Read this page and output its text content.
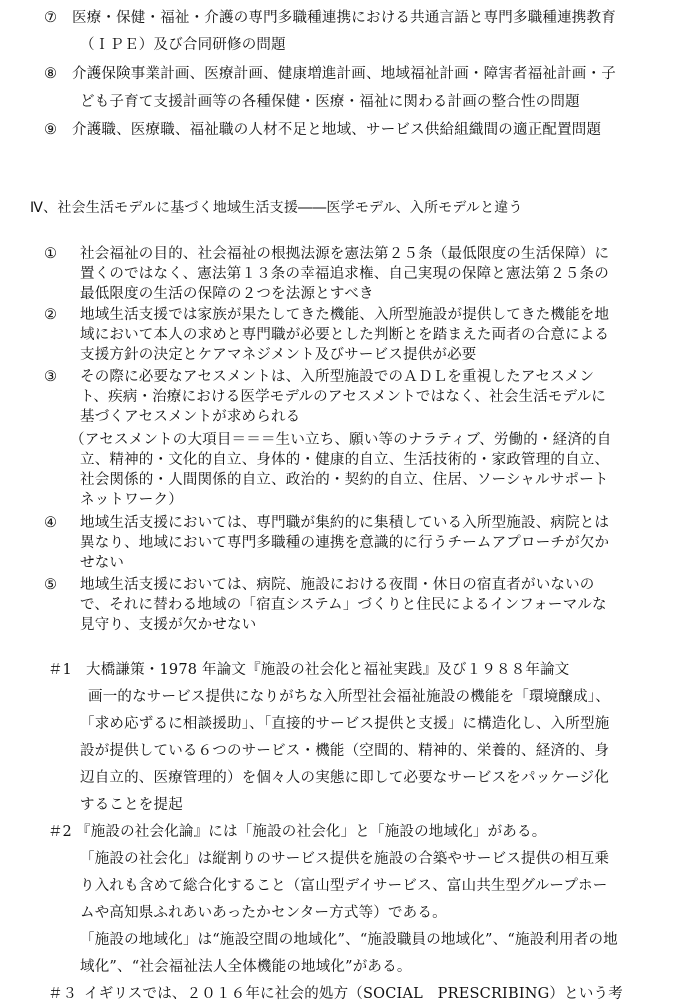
⑦ 医療・保健・福祉・介護の専門多職種連携における共通言語と専門多職種連携教育
（ＩＰＥ）及び合同研修の問題
⑧ 介護保険事業計画、医療計画、健康増進計画、地域福祉計画・障害者福祉計画・子
ども子育て支援計画等の各種保健・医療・福祉に関わる計画の整合性の問題
⑨ 介護職、医療職、福祉職の人材不足と地域、サービス供給組織間の適正配置問題
Ⅳ、社会生活モデルに基づく地域生活支援――医学モデル、入所モデルと違う
① 社会福祉の目的、社会福祉の根拠法源を憲法第２５条（最低限度の生活保障）に
置くのではなく、憲法第１３条の幸福追求権、自己実現の保障と憲法第２５条の
最低限度の生活の保障の２つを法源とすべき
② 地域生活支援では家族が果たしてきた機能、入所型施設が提供してきた機能を地
域において本人の求めと専門職が必要とした判断とを踏まえた両者の合意による
支援方針の決定とケアマネジメント及びサービス提供が必要
③ その際に必要なアセスメントは、入所型施設でのＡＤＬを重視したアセスメン
ト、疾病・治療における医学モデルのアセスメントではなく、社会生活モデルに
基づくアセスメントが求められる
（アセスメントの大項目＝＝＝生い立ち、願い等のナラティブ、労働的・経済的自
立、精神的・文化的自立、身体的・健康的自立、生活技術的・家政管理的自立、
社会関係的・人間関係的自立、政治的・契約的自立、住居、ソーシャルサポート
ネットワーク）
④ 地域生活支援においては、専門職が集約的に集積している入所型施設、病院とは
異なり、地域において専門多職種の連携を意識的に行うチームアプローチが欠か
せない
⑤ 地域生活支援においては、病院、施設における夜間・休日の宿直者がいないの
で、それに替わる地域の「宿直システム」づくりと住民によるインフォーマルな
見守り、支援が欠かせない
＃1 大橋謙策・1978 年論文『施設の社会化と福祉実践』及び１９８８年論文
画一的なサービス提供になりがちな入所型社会福祉施設の機能を「環境醸成」、
「求め応ずるに相談援助」、「直接的サービス提供と支援」に構造化し、入所型施
設が提供している６つのサービス・機能（空間的、精神的、栄養的、経済的、身
辺自立的、医療管理的）を個々人の実態に即して必要なサービスをパッケージ化
することを提起
＃2 『施設の社会化論』には「施設の社会化」と「施設の地域化」がある。
「施設の社会化」は縦割りのサービス提供を施設の合築やサービス提供の相互乗
り入れも含めて総合化すること（富山型デイサービス、富山共生型グループホー
ムや高知県ふれあいあったかセンター方式等）である。
「施設の地域化」は“施設空間の地域化”、“施設職員の地域化”、“施設利用者の地
域化”、“社会福祉法人全体機能の地域化”がある。
＃３ イギリスでは、２０１６年に社会的処方（SOCIAL　PRESCRIBING）という考
